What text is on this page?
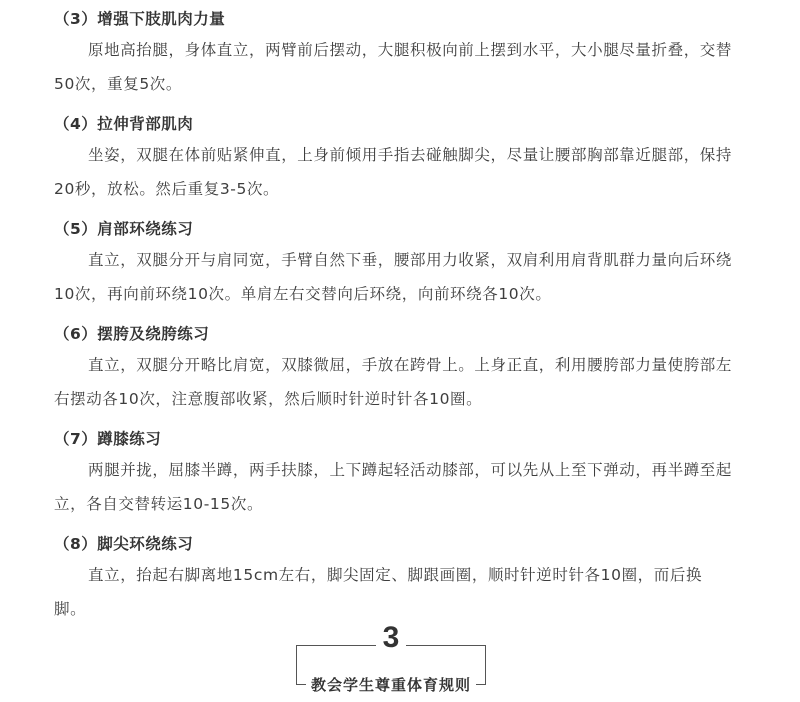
（3）增强下肢肌肉力量
原地高抬腿，身体直立，两臂前后摆动，大腿积极向前上摆到水平，大小腿尽量折叠，交替50次，重复5次。
（4）拉伸背部肌肉
坐姿，双腿在体前贴紧伸直，上身前倾用手指去碰触脚尖，尽量让腰部胸部靠近腿部，保持20秒，放松。然后重复3-5次。
（5）肩部环绕练习
直立，双腿分开与肩同宽，手臂自然下垂，腰部用力收紧，双肩利用肩背肌群力量向后环绕10次，再向前环绕10次。单肩左右交替向后环绕，向前环绕各10次。
（6）摆胯及绕胯练习
直立，双腿分开略比肩宽，双膝微屈，手放在跨骨上。上身正直，利用腰胯部力量使胯部左右摆动各10次，注意腹部收紧，然后顺时针逆时针各10圈。
（7）蹲膝练习
两腿并拢，屈膝半蹲，两手扶膝，上下蹲起轻活动膝部，可以先从上至下弹动，再半蹲至起立，各自交替转运10-15次。
（8）脚尖环绕练习
直立，抬起右脚离地15cm左右，脚尖固定、脚跟画圈，顺时针逆时针各10圈，而后换脚。
3
教会学生尊重体育规则
